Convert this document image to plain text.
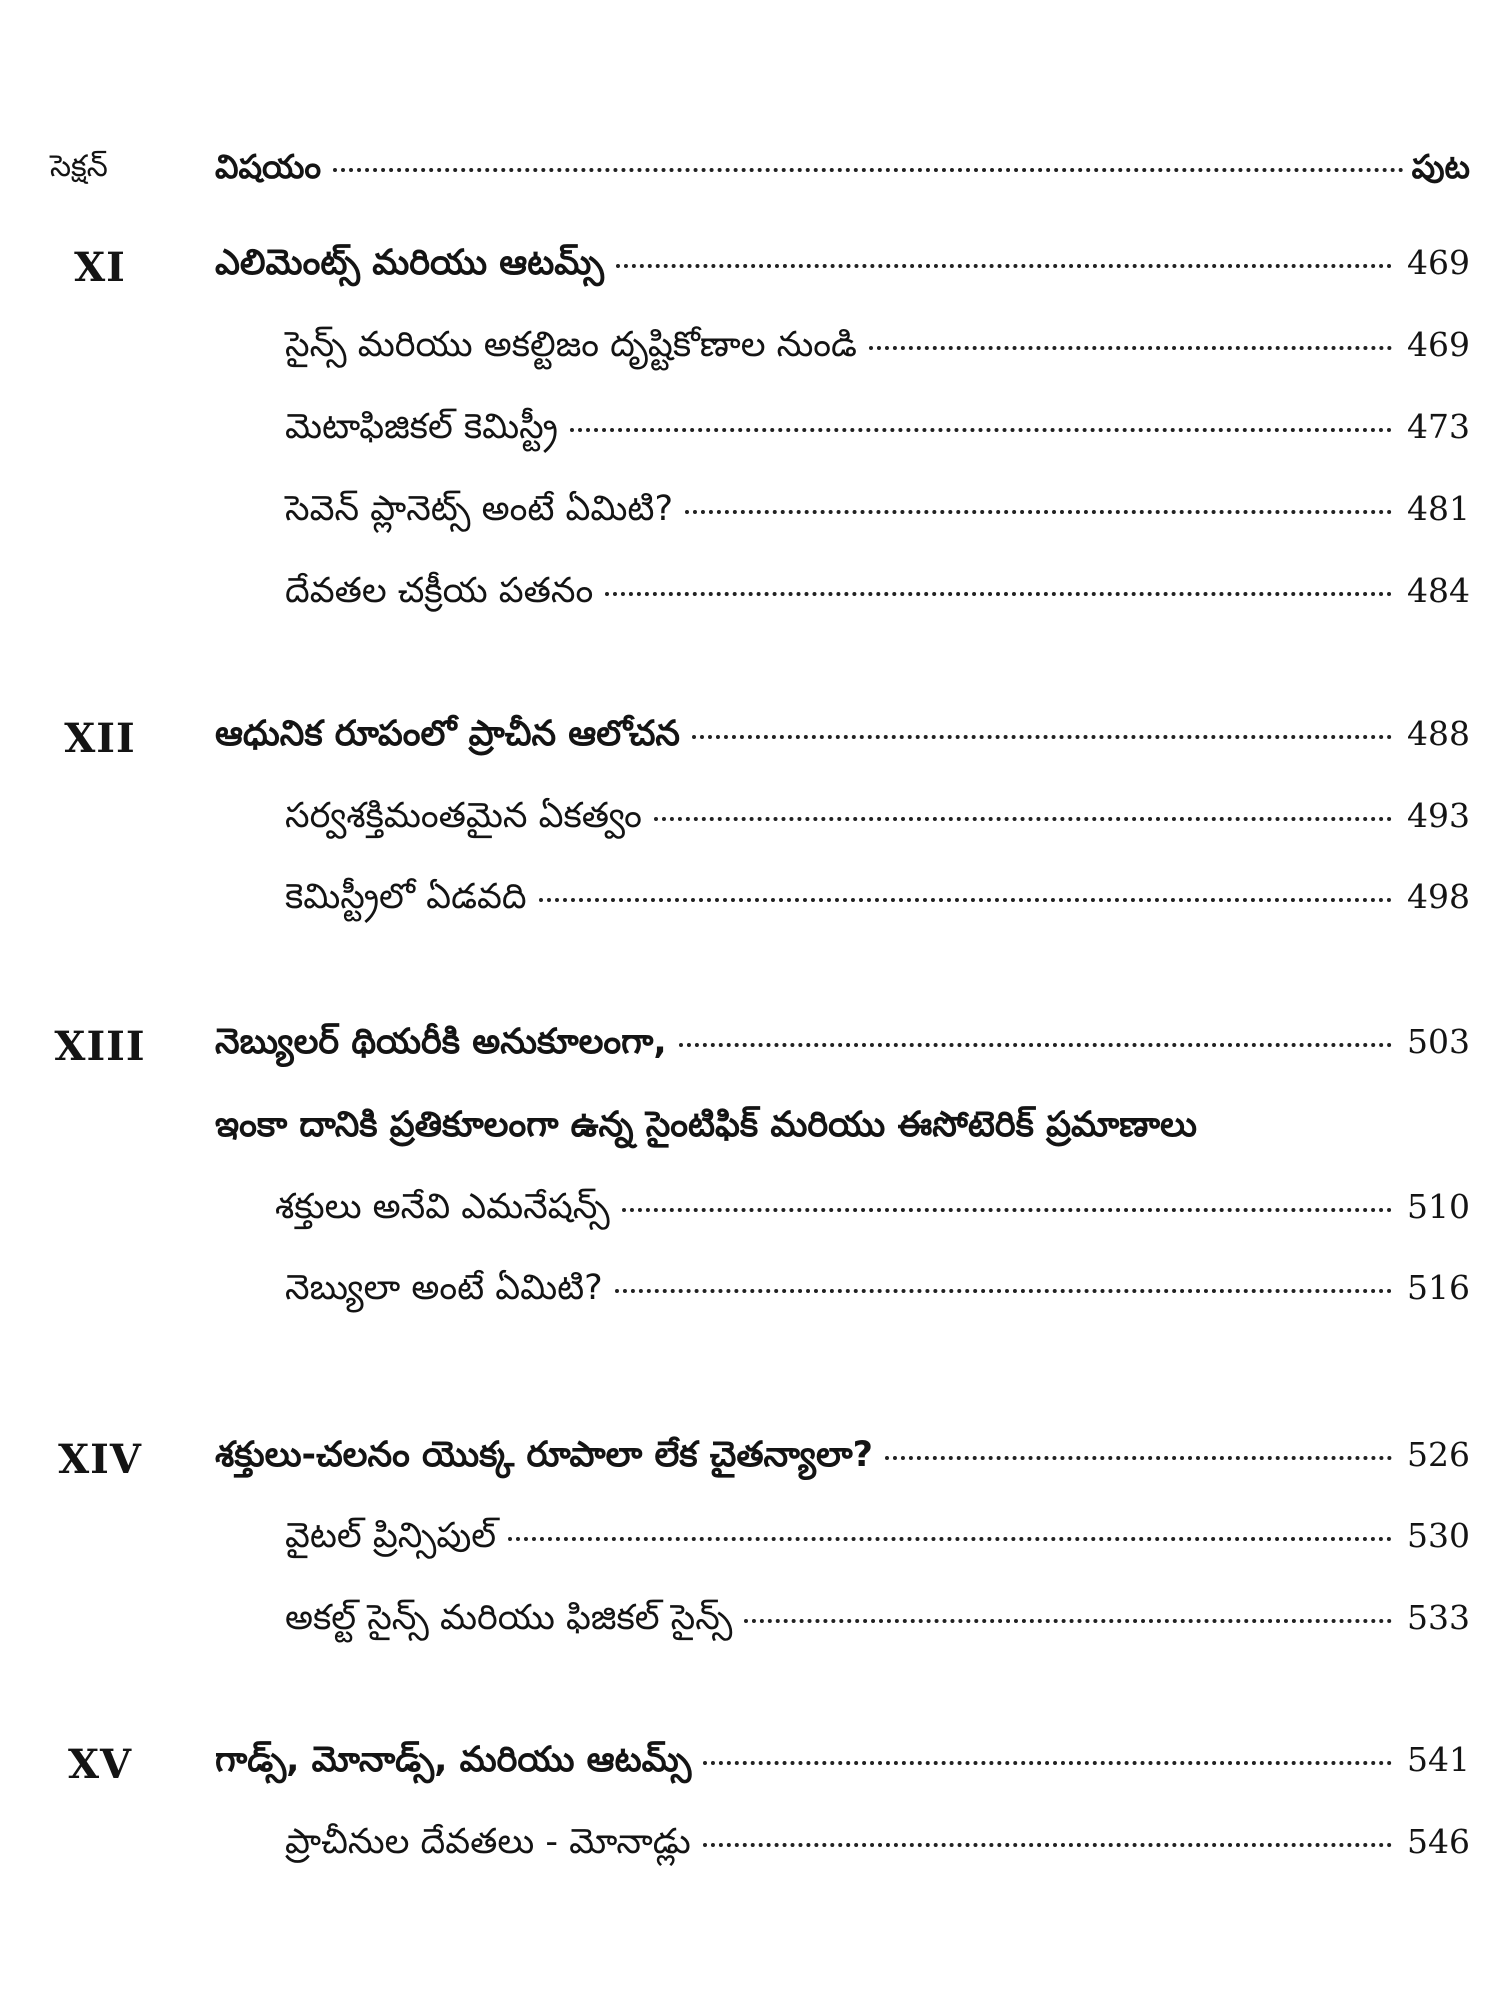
సెక్షన్	విషయం	పుట
XI	ఎలిమెంట్స్ మరియు ఆటమ్స్	469
సైన్స్ మరియు అకల్టిజం దృష్టికోణాల నుండి	469
మెటాఫిజికల్ కెమిస్ట్రీ	473
సెవెన్ ప్లానెట్స్ అంటే ఏమిటి?	481
దేవతల చక్రీయ పతనం	484
XII	ఆధునిక రూపంలో ప్రాచీన ఆలోచన	488
సర్వశక్తిమంతమైన ఏకత్వం	493
కెమిస్ట్రీలో ఏడవది	498
XIII	నెబ్యులర్ థియరీకి అనుకూలంగా,	503
ఇంకా దానికి ప్రతికూలంగా ఉన్న సైంటిఫిక్ మరియు ఈసోటెరిక్ ప్రమాణాలు
శక్తులు అనేవి ఎమనేషన్స్	510
నెబ్యులా అంటే ఏమిటి?	516
XIV	శక్తులు-చలనం యొక్క రూపాలా లేక చైతన్యాలా?	526
వైటల్ ప్రిన్సిపుల్	530
అకల్ట్ సైన్స్ మరియు ఫిజికల్ సైన్స్	533
XV	గాడ్స్, మోనాడ్స్, మరియు ఆటమ్స్	541
ప్రాచీనుల దేవతలు - మోనాడ్లు	546
